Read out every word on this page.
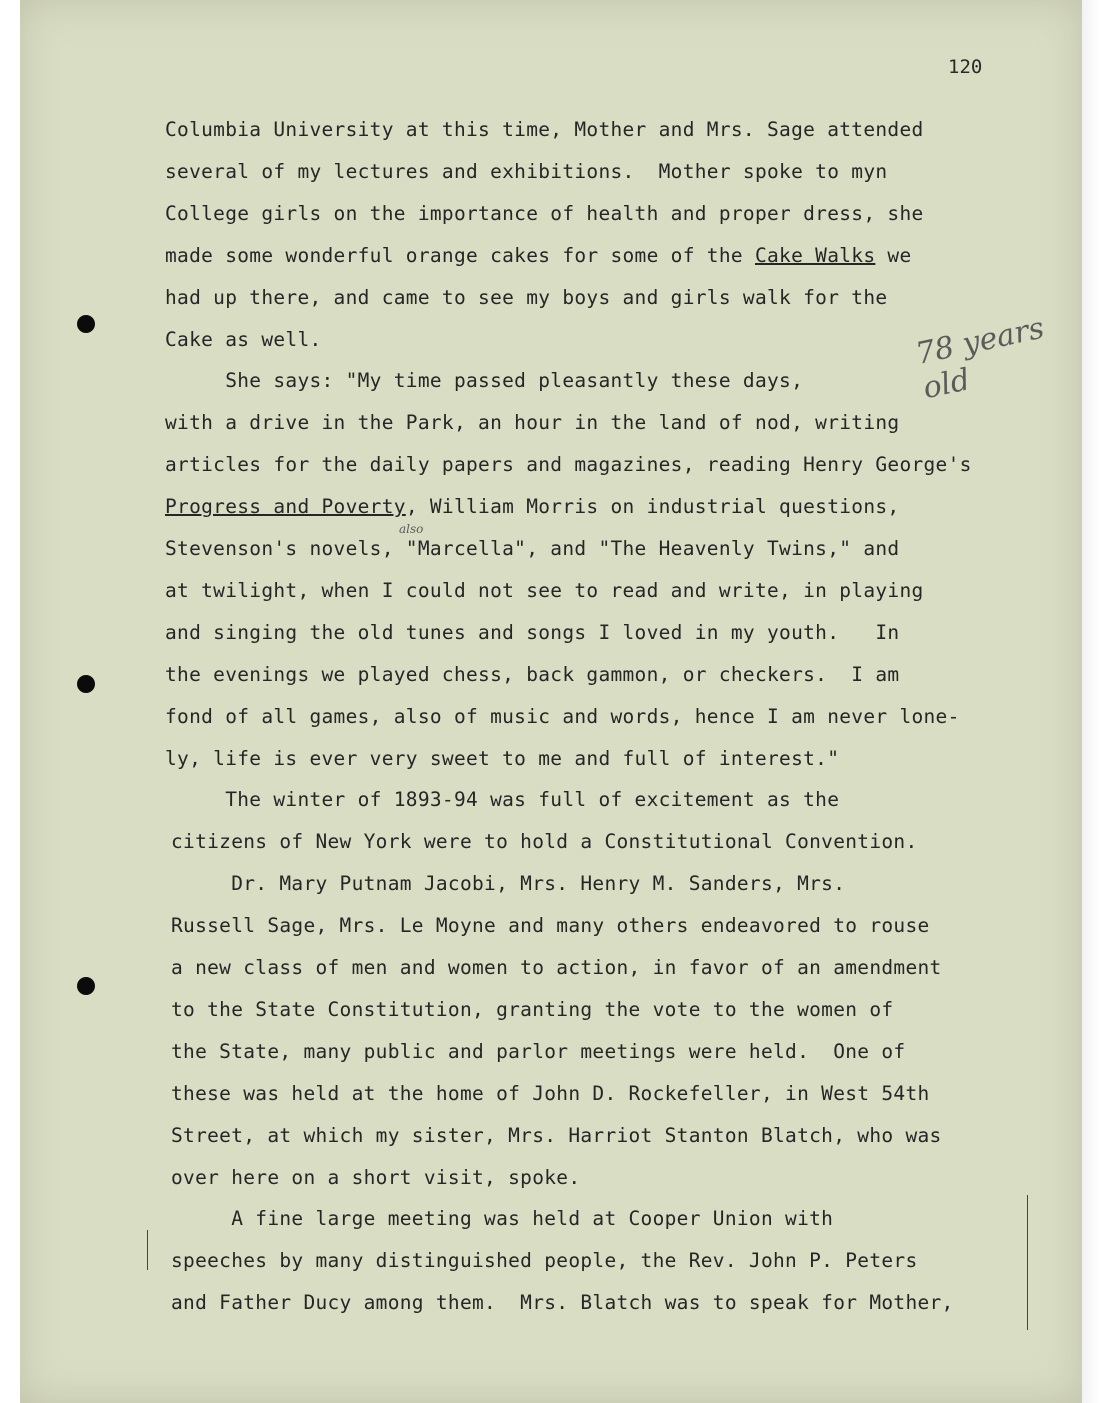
120
Columbia University at this time, Mother and Mrs. Sage attended
several of my lectures and exhibitions.  Mother spoke to myn
College girls on the importance of health and proper dress, she
made some wonderful orange cakes for some of the Cake Walks we
had up there, and came to see my boys and girls walk for the
Cake as well.
She says: "My time passed pleasantly these days,
with a drive in the Park, an hour in the land of nod, writing
articles for the daily papers and magazines, reading Henry George's
Progress and Poverty, William Morris on industrial questions,
Stevenson's novels, "Marcella", and "The Heavenly Twins," and
at twilight, when I could not see to read and write, in playing
and singing the old tunes and songs I loved in my youth.   In
the evenings we played chess, back gammon, or checkers.  I am
fond of all games, also of music and words, hence I am never lone-
ly, life is ever very sweet to me and full of interest."
The winter of 1893-94 was full of excitement as the
citizens of New York were to hold a Constitutional Convention.
Dr. Mary Putnam Jacobi, Mrs. Henry M. Sanders, Mrs.
Russell Sage, Mrs. Le Moyne and many others endeavored to rouse
a new class of men and women to action, in favor of an amendment
to the State Constitution, granting the vote to the women of
the State, many public and parlor meetings were held.  One of
these was held at the home of John D. Rockefeller, in West 54th
Street, at which my sister, Mrs. Harriot Stanton Blatch, who was
over here on a short visit, spoke.
A fine large meeting was held at Cooper Union with
speeches by many distinguished people, the Rev. John P. Peters
and Father Ducy among them.  Mrs. Blatch was to speak for Mother,
78 years old
also
